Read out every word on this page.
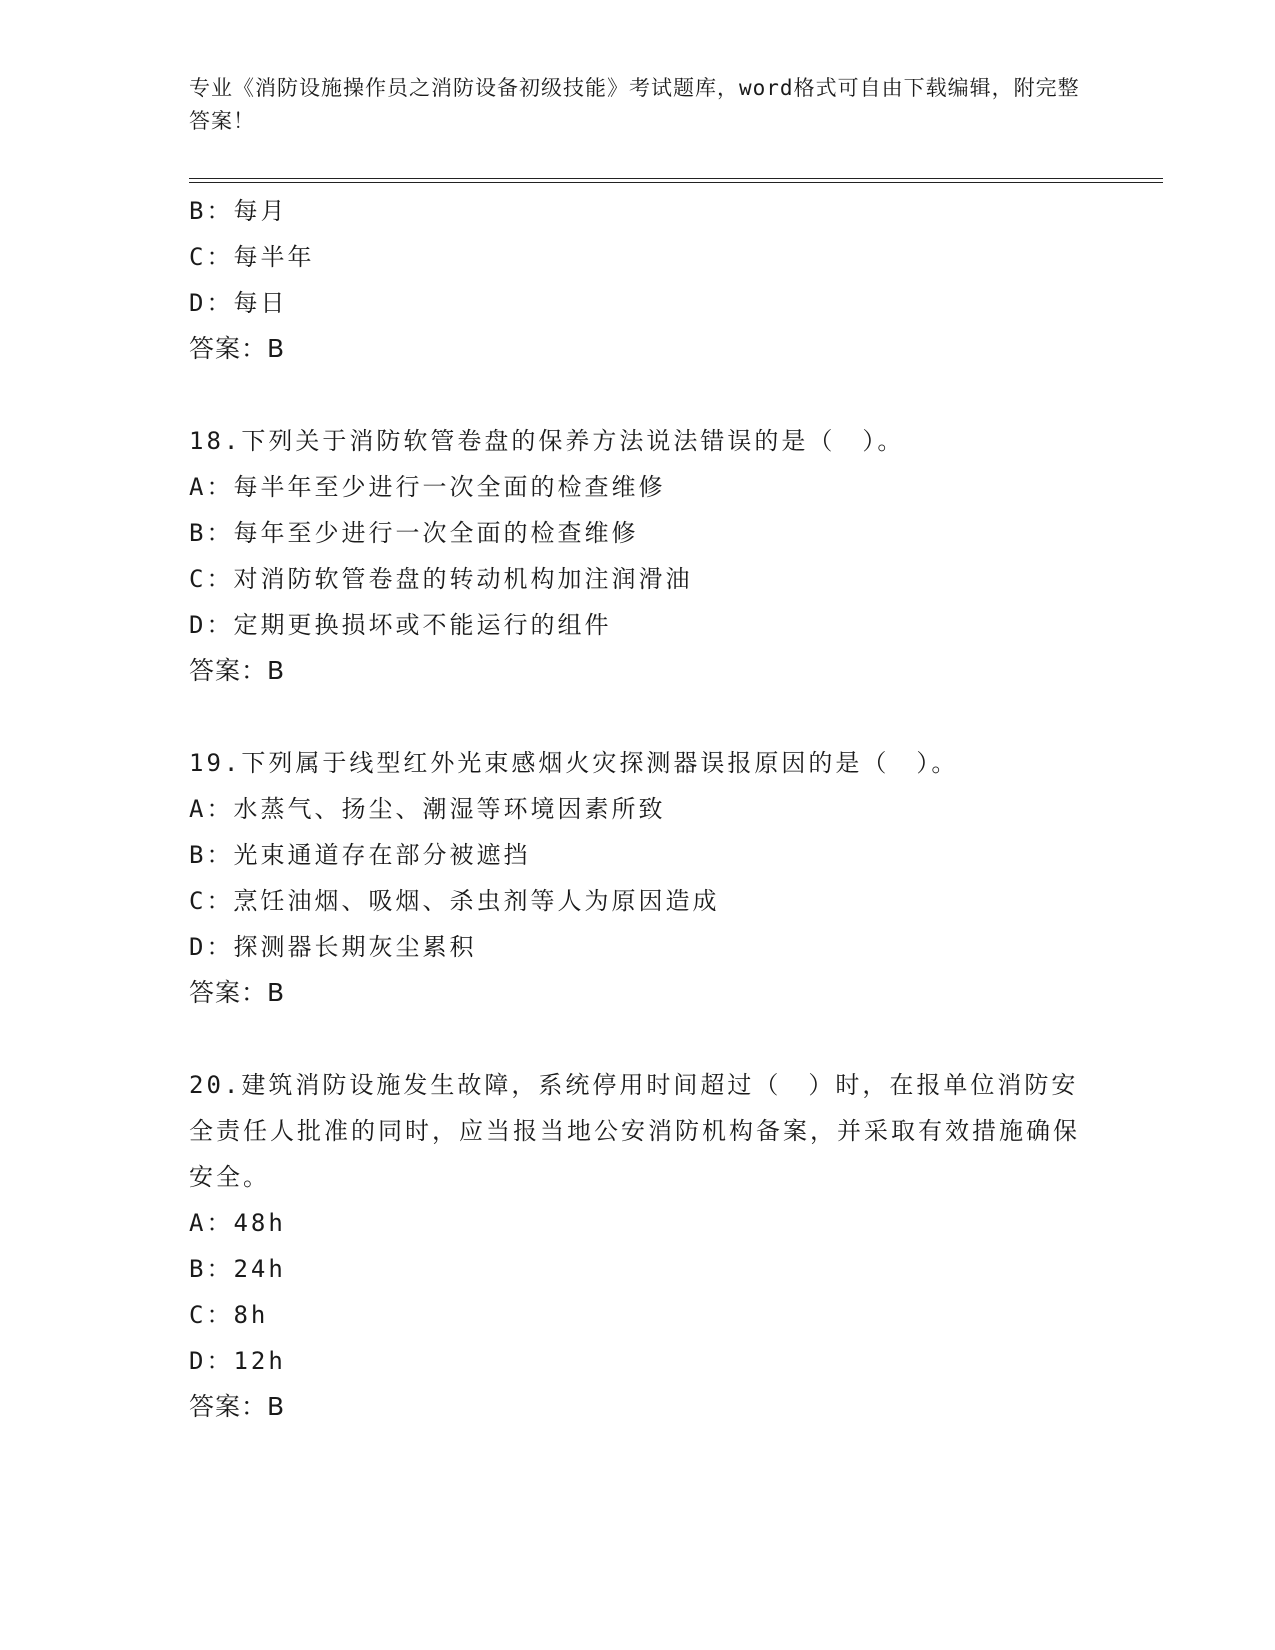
专业《消防设施操作员之消防设备初级技能》考试题库，word格式可自由下载编辑，附完整答案！
B：每月
C：每半年
D：每日
答案：B
18.下列关于消防软管卷盘的保养方法说法错误的是（　）。
A：每半年至少进行一次全面的检查维修
B：每年至少进行一次全面的检查维修
C：对消防软管卷盘的转动机构加注润滑油
D：定期更换损坏或不能运行的组件
答案：B
19.下列属于线型红外光束感烟火灾探测器误报原因的是（　）。
A：水蒸气、扬尘、潮湿等环境因素所致
B：光束通道存在部分被遮挡
C：烹饪油烟、吸烟、杀虫剂等人为原因造成
D：探测器长期灰尘累积
答案：B
20.建筑消防设施发生故障，系统停用时间超过（　）时，在报单位消防安全责任人批准的同时，应当报当地公安消防机构备案，并采取有效措施确保安全。
A：48h
B：24h
C：8h
D：12h
答案：B
